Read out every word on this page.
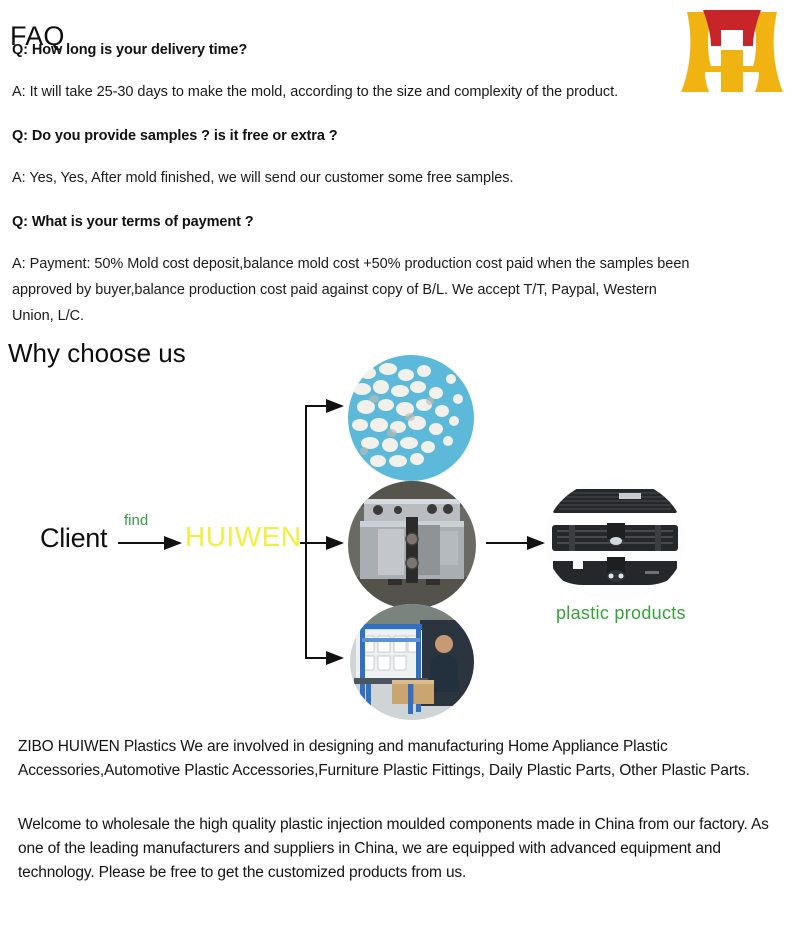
FAQ

Q: How long is your delivery time?

A: It will take 25-30 days to make the mold, according to the size and complexity of the product.

Q: Do you provide samples ? is it free or extra ?

A: Yes, Yes, After mold finished, we will send our customer some free samples.

Q: What is your terms of payment ?

A: Payment: 50% Mold cost deposit,balance mold cost +50% production cost paid when the samples been approved by buyer,balance production cost paid against copy of B/L. We accept T/T, Paypal, Western Union, L/C.

Why choose us
Client
find
HUIWEN
plastic products

ZIBO HUIWEN Plastics We are involved in designing and manufacturing Home Appliance Plastic Accessories,Automotive Plastic Accessories,Furniture Plastic Fittings, Daily Plastic Parts, Other Plastic Parts.

Welcome to wholesale the high quality plastic injection moulded components made in China from our factory. As one of the leading manufacturers and suppliers in China, we are equipped with advanced equipment and technology. Please be free to get the customized products from us.
